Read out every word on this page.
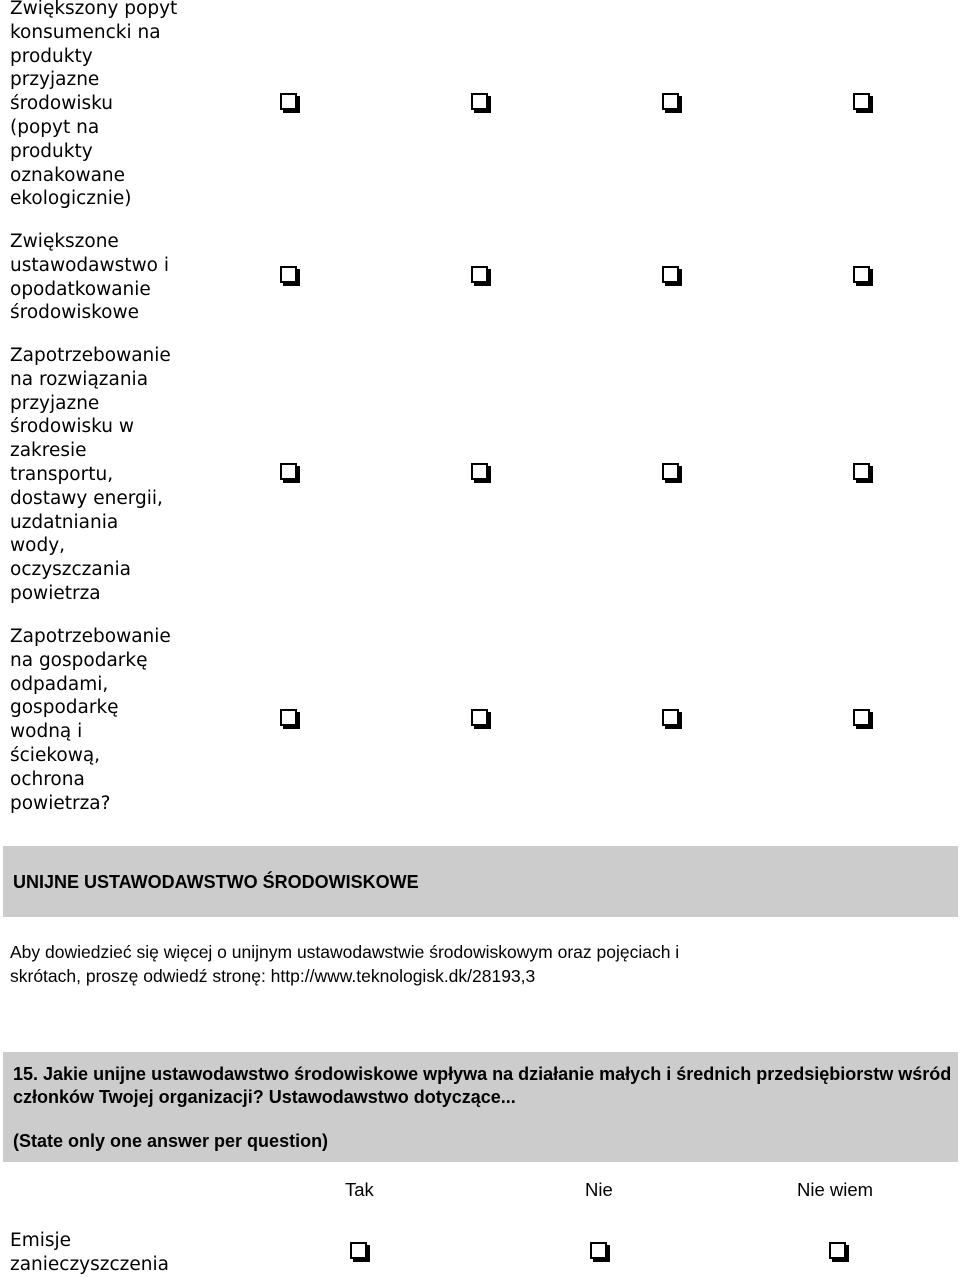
Zwiększony popyt
konsumencki na
produkty
przyjazne
środowisku
(popyt na
produkty
oznakowane
ekologicznie)
Zwiększone
ustawodawstwo i
opodatkowanie
środowiskowe
Zapotrzebowanie
na rozwiązania
przyjazne
środowisku w
zakresie
transportu,
dostawy energii,
uzdatniania
wody,
oczyszczania
powietrza
Zapotrzebowanie
na gospodarkę
odpadami,
gospodarkę
wodną i
ściekową,
ochrona
powietrza?
UNIJNE USTAWODAWSTWO ŚRODOWISKOWE
Aby dowiedzieć się więcej o unijnym ustawodawstwie środowiskowym oraz pojęciach i skrótach, proszę odwiedź stronę: http://www.teknologisk.dk/28193,3
15. Jakie unijne ustawodawstwo środowiskowe wpływa na działanie małych i średnich przedsiębiorstw wśród członków Twojej organizacji? Ustawodawstwo dotyczące...
(State only one answer per question)
Tak	Nie	Nie wiem
Emisje
zanieczyszczenia
